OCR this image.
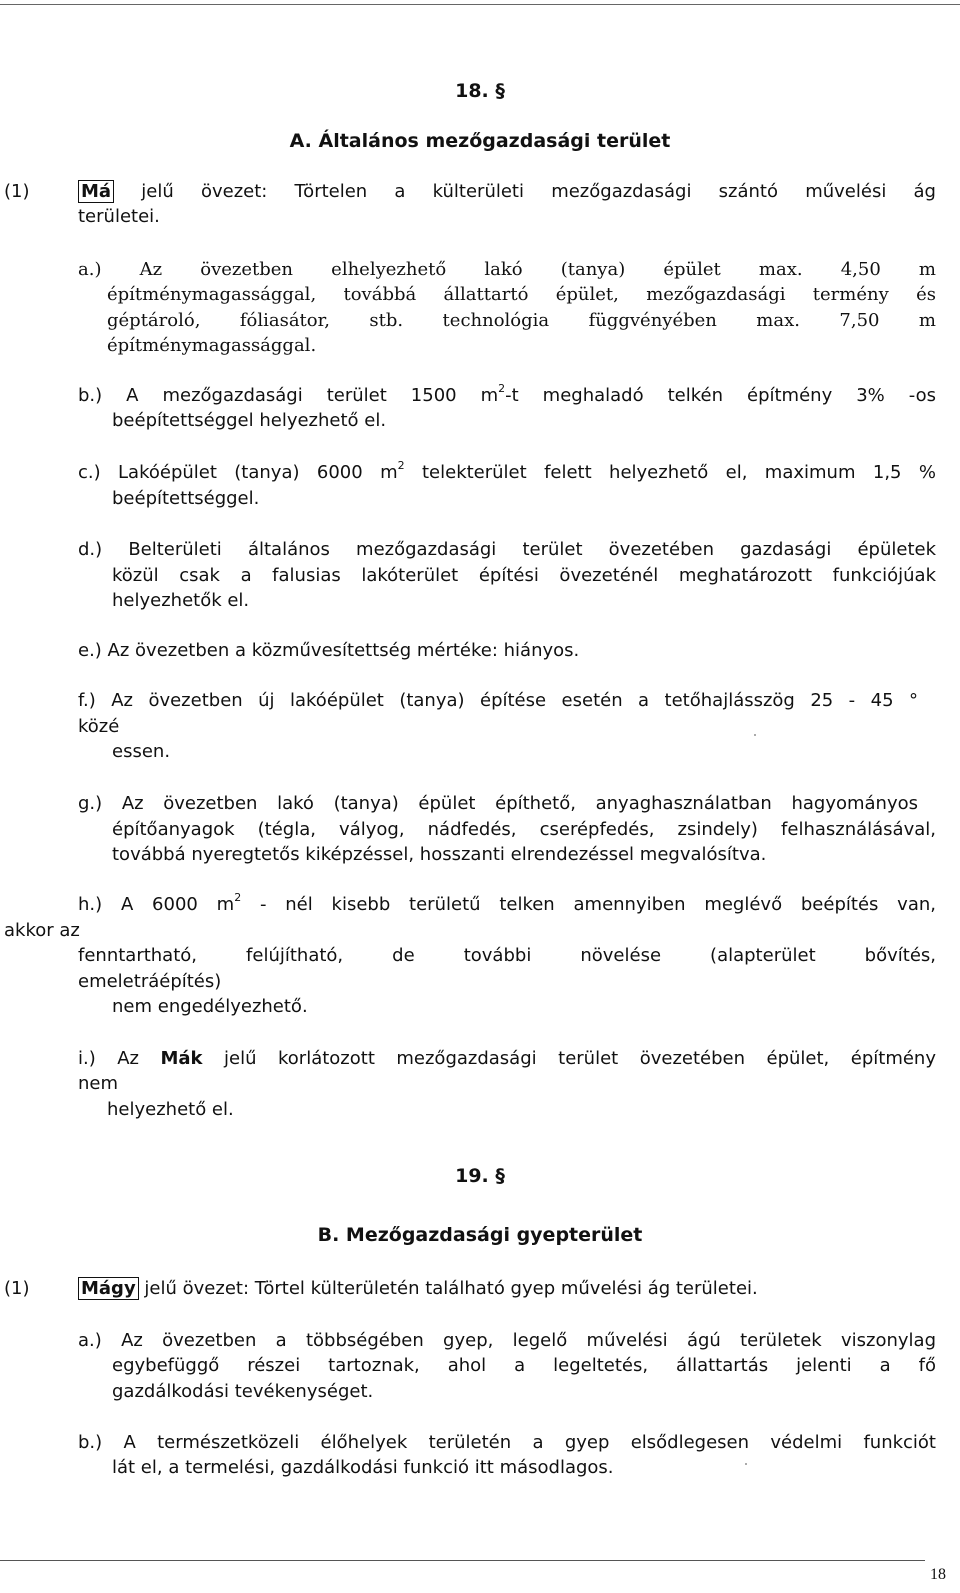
18. §
A. Általános mezőgazdasági terület
(1)	Má jelű övezet: Törtelen a külterületi mezőgazdasági szántó művelési ág
területei.
a.) Az övezetben elhelyezhető lakó (tanya) épület max. 4,50 m
építménymagassággal, továbbá állattartó épület, mezőgazdasági termény és
géptároló, fóliasátor, stb. technológia függvényében max. 7,50 m
építménymagassággal.
b.) A mezőgazdasági terület 1500 $m^2-t$ meghaladó telkén építmény 3% -os
beépítettséggel helyezhető el.
c.) Lakóépület (tanya) 6000 $m^2$ telekterület felett helyezhető el, maximum 1,5 %
beépítettséggel.
d.) Belterületi általános mezőgazdasági terület övezetében gazdasági épületek
közül csak a falusias lakóterület építési övezeténél meghatározott funkciójúak
helyezhetők el.
e.) Az övezetben a közművesítettség mértéke: hiányos.
f.) Az övezetben új lakóépület (tanya) építése esetén a tetőhajlásszög 25 - 45 °
közé
essen.
g.) Az övezetben lakó (tanya) épület építhető, anyaghasználatban hagyományos
építőanyagok (tégla, vályog, nádfedés, cserépfedés, zsindely) felhasználásával,
továbbá nyeregtetős kiképzéssel, hosszanti elrendezéssel megvalósítva.
h.) A 6000 $m^2$ - nél kisebb területű telken amennyiben meglévő beépítés van,
akkor az
fenntartható, felújítható, de további növelése (alapterület bővítés,
emeletráépítés)
nem engedélyezhető.
i.) Az Mák jelű korlátozott mezőgazdasági terület övezetében épület, építmény
nem
helyezhető el.
19. §
B. Mezőgazdasági gyepterület
(1)	Mágy jelű övezet: Törtel külterületén található gyep művelési ág területei.
a.) Az övezetben a többségében gyep, legelő művelési ágú területek viszonylag
egybefüggő részei tartoznak, ahol a legeltetés, állattartás jelenti a fő
gazdálkodási tevékenységet.
b.) A természetközeli élőhelyek területén a gyep elsődlegesen védelmi funkciót
lát el, a termelési, gazdálkodási funkció itt másodlagos.
18
